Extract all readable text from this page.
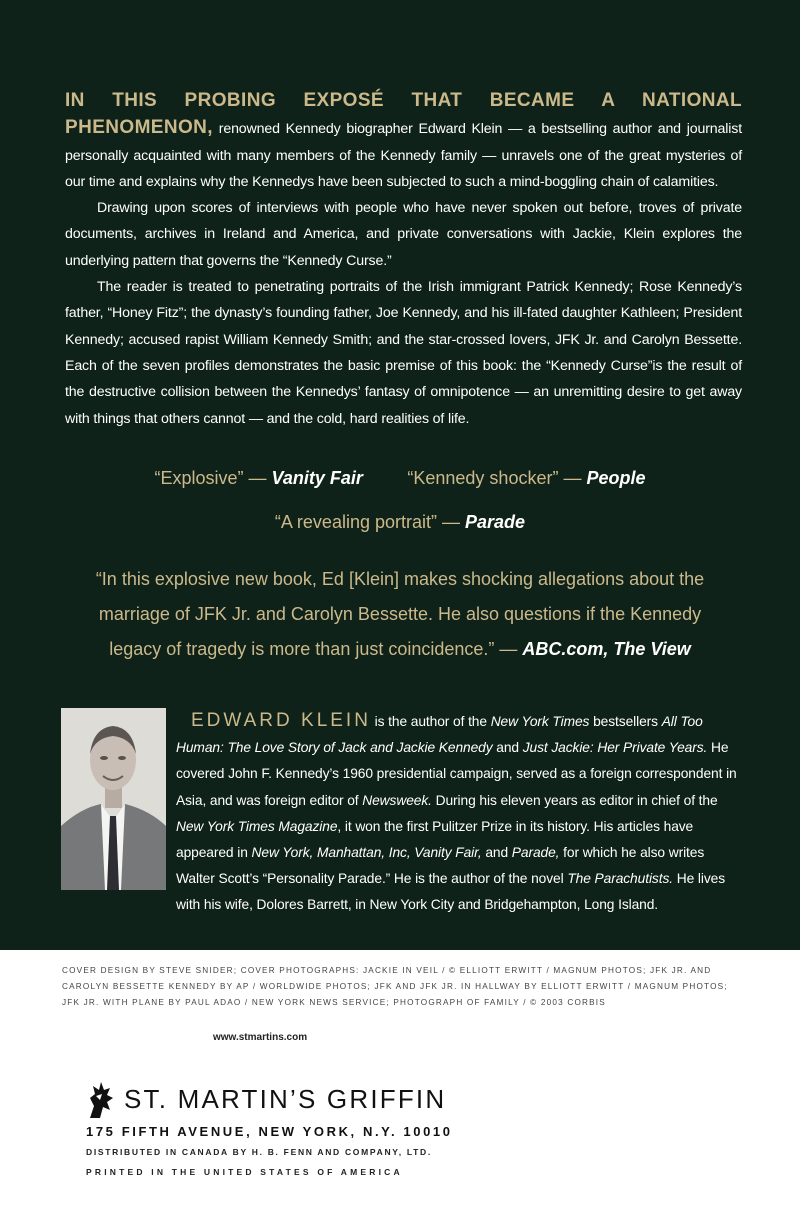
IN THIS PROBING EXPOSÉ THAT BECAME A NATIONAL PHENOMENON, renowned Kennedy biographer Edward Klein — a bestselling author and journalist personally acquainted with many members of the Kennedy family — unravels one of the great mysteries of our time and explains why the Kennedys have been subjected to such a mind-boggling chain of calamities.

Drawing upon scores of interviews with people who have never spoken out before, troves of private documents, archives in Ireland and America, and private conversations with Jackie, Klein explores the underlying pattern that governs the “Kennedy Curse.”

The reader is treated to penetrating portraits of the Irish immigrant Patrick Kennedy; Rose Kennedy’s father, “Honey Fitz”; the dynasty’s founding father, Joe Kennedy, and his ill-fated daughter Kathleen; President Kennedy; accused rapist William Kennedy Smith; and the star-crossed lovers, JFK Jr. and Carolyn Bessette. Each of the seven profiles demonstrates the basic premise of this book: the “Kennedy Curse”is the result of the destructive collision between the Kennedys’ fantasy of omnipotence — an unremitting desire to get away with things that others cannot — and the cold, hard realities of life.

“Explosive” — Vanity Fair “Kennedy shocker” — People
“A revealing portrait” — Parade
“In this explosive new book, Ed [Klein] makes shocking allegations about the marriage of JFK Jr. and Carolyn Bessette. He also questions if the Kennedy legacy of tragedy is more than just coincidence.” — ABC.com, The View
EDWARD KLEIN is the author of the New York Times bestsellers All Too Human: The Love Story of Jack and Jackie Kennedy and Just Jackie: Her Private Years. He covered John F. Kennedy’s 1960 presidential campaign, served as a foreign correspondent in Asia, and was foreign editor of Newsweek. During his eleven years as editor in chief of the New York Times Magazine, it won the first Pulitzer Prize in its history. His articles have appeared in New York, Manhattan, Inc, Vanity Fair, and Parade, for which he also writes Walter Scott’s “Personality Parade.” He is the author of the novel The Parachutists. He lives with his wife, Dolores Barrett, in New York City and Bridgehampton, Long Island.
COVER DESIGN BY STEVE SNIDER; COVER PHOTOGRAPHS: JACKIE IN VEIL / © ELLIOTT ERWITT / MAGNUM PHOTOS; JFK JR. AND CAROLYN BESSETTE KENNEDY BY AP / WORLDWIDE PHOTOS; JFK AND JFK JR. IN HALLWAY BY ELLIOTT ERWITT / MAGNUM PHOTOS; JFK JR. WITH PLANE BY PAUL ADAO / NEW YORK NEWS SERVICE; PHOTOGRAPH OF FAMILY / © 2003 CORBIS
www.stmartins.com
ST. MARTIN’S GRIFFIN
175 FIFTH AVENUE, NEW YORK, N.Y. 10010
DISTRIBUTED IN CANADA BY H. B. FENN AND COMPANY, LTD.
PRINTED IN THE UNITED STATES OF AMERICA
